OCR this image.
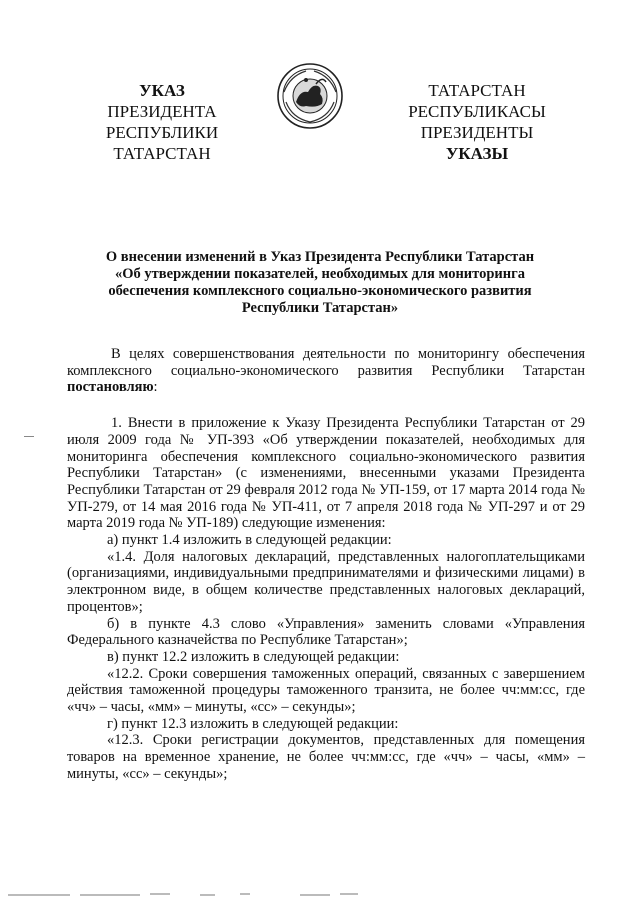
УКАЗ
ПРЕЗИДЕНТА
РЕСПУБЛИКИ ТАТАРСТАН
ТАТАРСТАН РЕСПУБЛИКАСЫ
ПРЕЗИДЕНТЫ
УКАЗЫ
О внесении изменений в Указ Президента Республики Татарстан
«Об утверждении показателей, необходимых для мониторинга
обеспечения комплексного социально-экономического развития
Республики Татарстан»

В целях совершенствования деятельности по мониторингу обеспечения комплексного социально-экономического развития Республики Татарстан постановляю:

1. Внести в приложение к Указу Президента Республики Татарстан от 29 июля 2009 года № УП-393 «Об утверждении показателей, необходимых для мониторинга обеспечения комплексного социально-экономического развития Республики Татарстан» (с изменениями, внесенными указами Президента Республики Татарстан от 29 февраля 2012 года № УП-159, от 17 марта 2014 года № УП-279, от 14 мая 2016 года № УП-411, от 7 апреля 2018 года № УП-297 и от 29 марта 2019 года № УП-189) следующие изменения:

а) пункт 1.4 изложить в следующей редакции:

«1.4. Доля налоговых деклараций, представленных налогоплательщиками (организациями, индивидуальными предпринимателями и физическими лицами) в электронном виде, в общем количестве представленных налоговых деклараций, процентов»;

б) в пункте 4.3 слово «Управления» заменить словами «Управления Федерального казначейства по Республике Татарстан»;

в) пункт 12.2 изложить в следующей редакции:

«12.2. Сроки совершения таможенных операций, связанных с завершением действия таможенной процедуры таможенного транзита, не более чч:мм:сс, где «чч» – часы, «мм» – минуты, «сс» – секунды»;

г) пункт 12.3 изложить в следующей редакции:

«12.3. Сроки регистрации документов, представленных для помещения товаров на временное хранение, не более чч:мм:сс, где «чч» – часы, «мм» – минуты, «сс» – секунды»;
